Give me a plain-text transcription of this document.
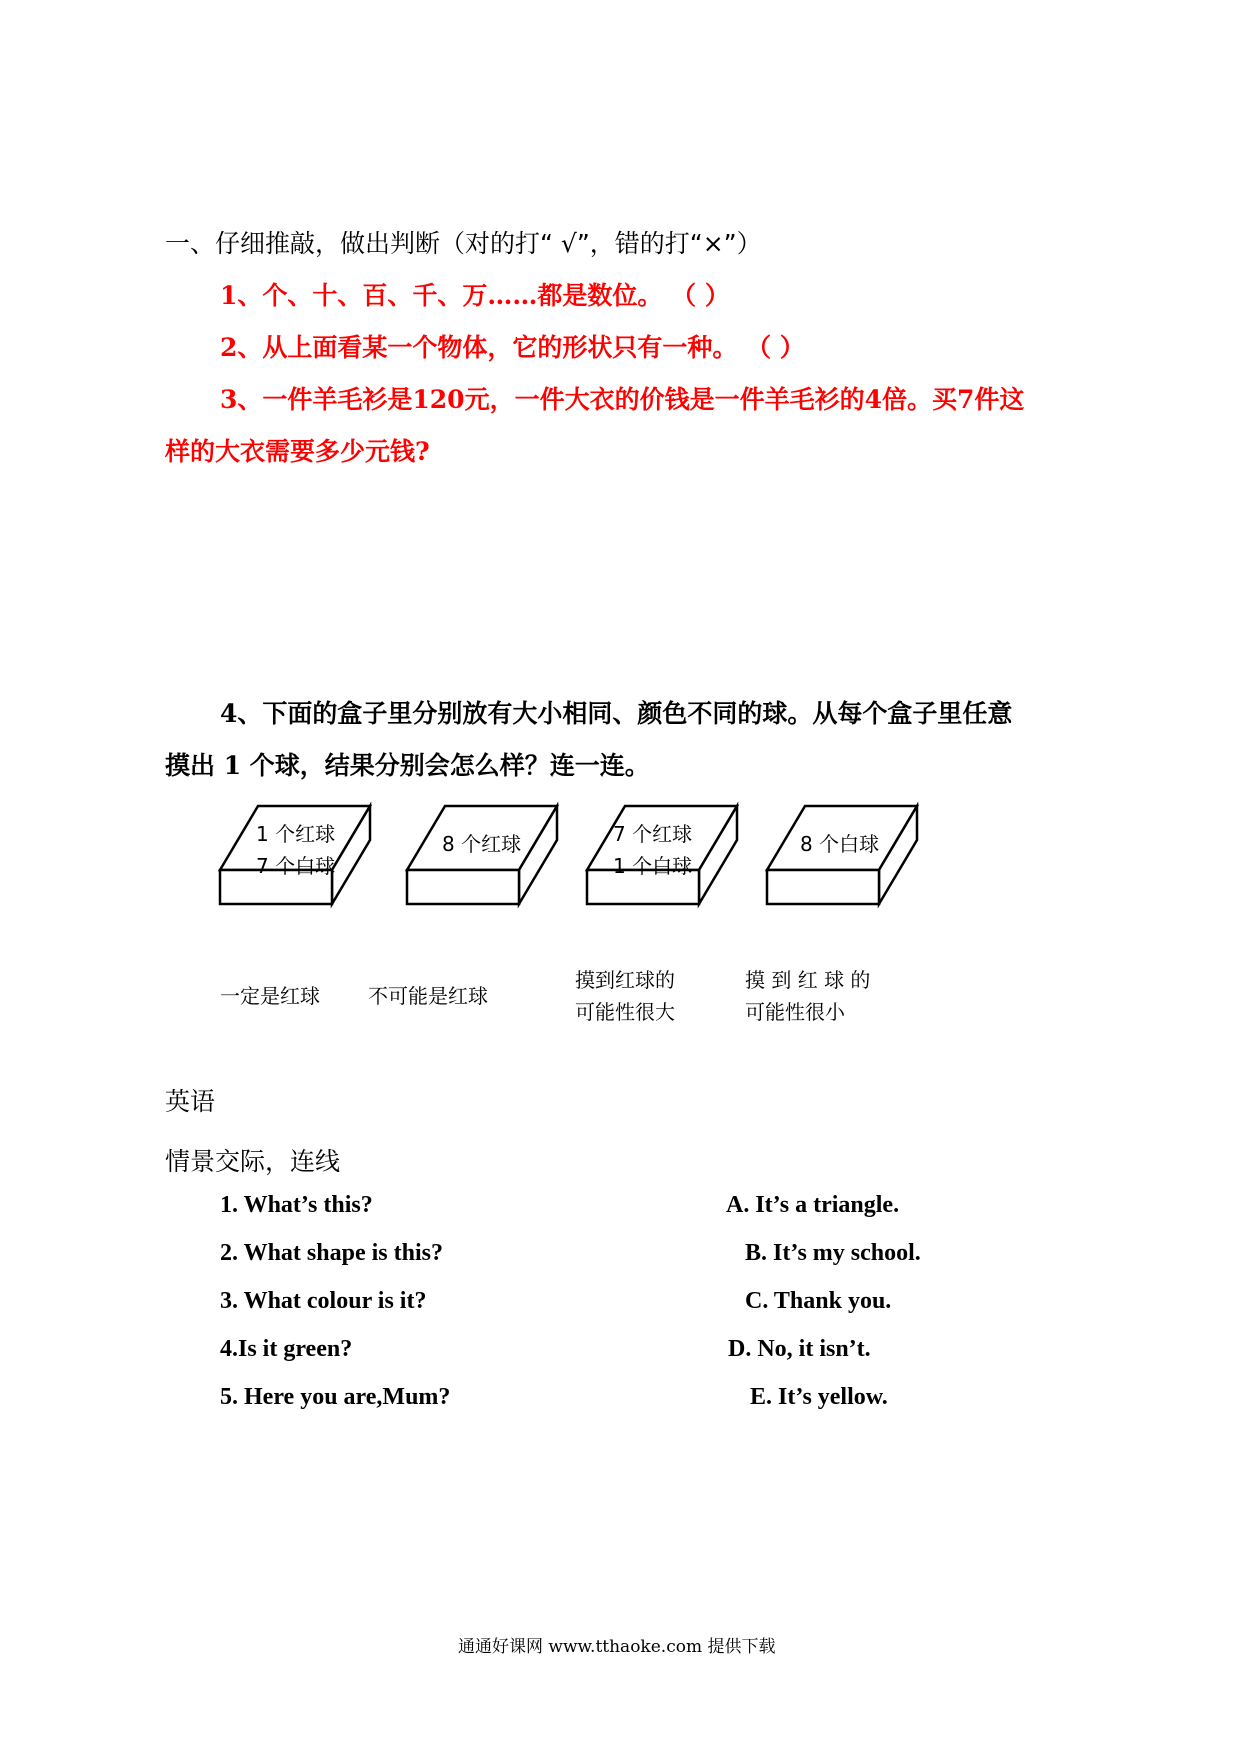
一、仔细推敲，做出判断（对的打“ √”，错的打“×”）
1、个、十、百、千、万……都是数位。 （ ）
2、从上面看某一个物体，它的形状只有一种。 （ ）
3、一件羊毛衫是120元，一件大衣的价钱是一件羊毛衫的4倍。买7件这
样的大衣需要多少元钱?
4、下面的盒子里分别放有大小相同、颜色不同的球。从每个盒子里任意
摸出 1 个球，结果分别会怎么样？连一连。
1 个红球
7 个白球
8 个红球	7 个红球
1 个白球
8 个白球
一定是红球 不可能是红球
摸到红球的
可能性很大
摸 到 红 球 的
可能性很小
英语
情景交际，连线
1. What’s this?
2. What shape is this?
3. What colour is it?
4.Is it green?
5. Here you are,Mum?
A. It’s a triangle.
B. It’s my school.
C. Thank you.
D. No, it isn’t.
E. It’s yellow.
通通好课网 www.tthaoke.com 提供下载
